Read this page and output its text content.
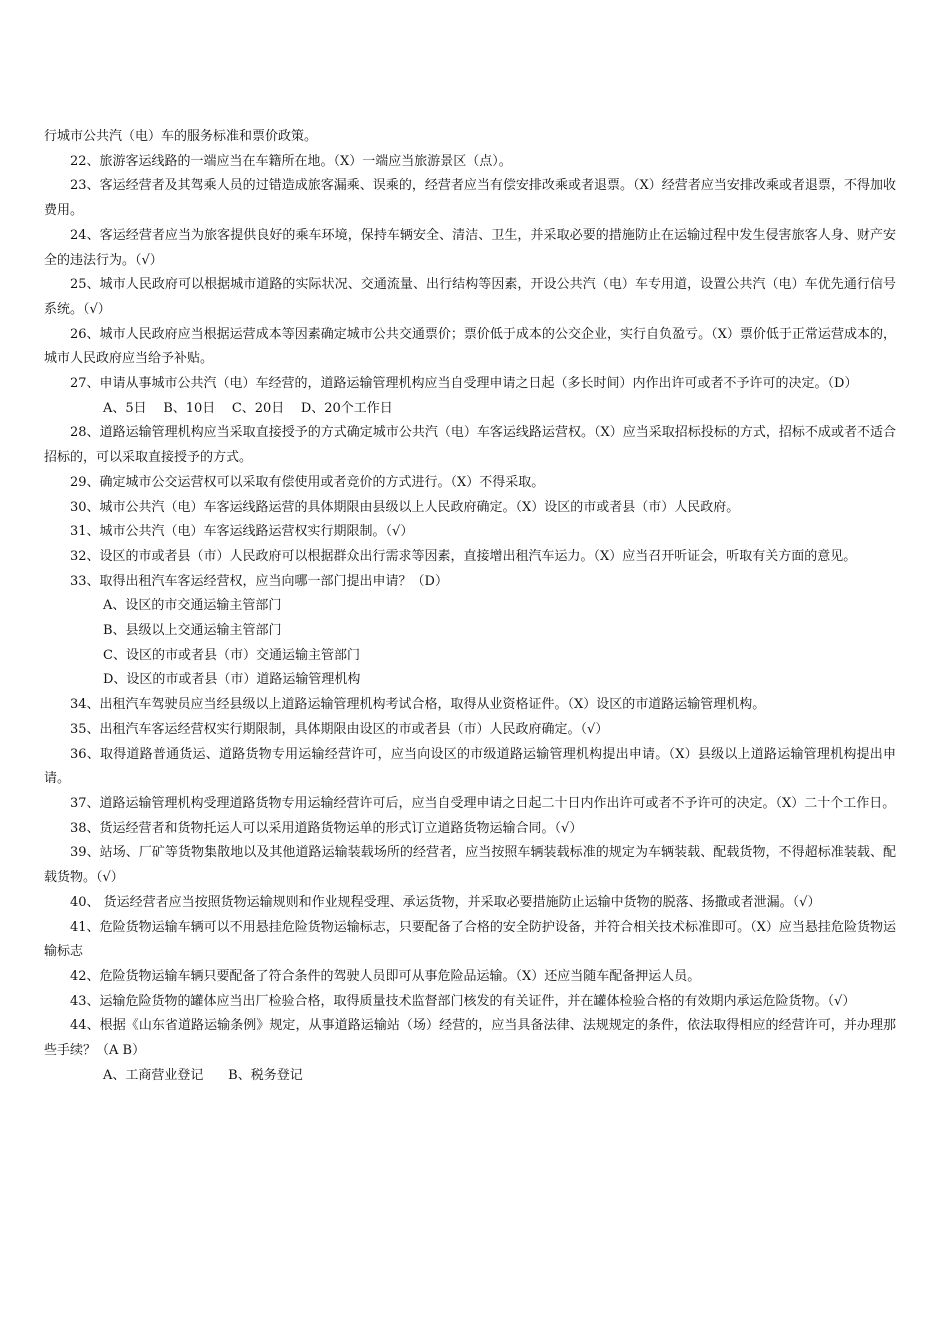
行城市公共汽（电）车的服务标准和票价政策。
22、旅游客运线路的一端应当在车籍所在地。（X）一端应当旅游景区（点）。
23、客运经营者及其驾乘人员的过错造成旅客漏乘、误乘的，经营者应当有偿安排改乘或者退票。（X）经营者应当安排改乘或者退票，不得加收费用。
24、客运经营者应当为旅客提供良好的乘车环境，保持车辆安全、清洁、卫生，并采取必要的措施防止在运输过程中发生侵害旅客人身、财产安全的违法行为。（√）
25、城市人民政府可以根据城市道路的实际状况、交通流量、出行结构等因素，开设公共汽（电）车专用道，设置公共汽（电）车优先通行信号系统。（√）
26、城市人民政府应当根据运营成本等因素确定城市公共交通票价；票价低于成本的公交企业，实行自负盈亏。（X）票价低于正常运营成本的，城市人民政府应当给予补贴。
27、申请从事城市公共汽（电）车经营的，道路运输管理机构应当自受理申请之日起（多长时间）内作出许可或者不予许可的决定。（D）
A、5日    B、10日    C、20日    D、20个工作日
28、道路运输管理机构应当采取直接授予的方式确定城市公共汽（电）车客运线路运营权。（X）应当采取招标投标的方式，招标不成或者不适合招标的，可以采取直接授予的方式。
29、确定城市公交运营权可以采取有偿使用或者竞价的方式进行。（X）不得采取。
30、城市公共汽（电）车客运线路运营的具体期限由县级以上人民政府确定。（X）设区的市或者县（市）人民政府。
31、城市公共汽（电）车客运线路运营权实行期限制。（√）
32、设区的市或者县（市）人民政府可以根据群众出行需求等因素，直接增出租汽车运力。（X）应当召开听证会，听取有关方面的意见。
33、取得出租汽车客运经营权，应当向哪一部门提出申请？（D）
A、设区的市交通运输主管部门
B、县级以上交通运输主管部门
C、设区的市或者县（市）交通运输主管部门
D、设区的市或者县（市）道路运输管理机构
34、出租汽车驾驶员应当经县级以上道路运输管理机构考试合格，取得从业资格证件。（X）设区的市道路运输管理机构。
35、出租汽车客运经营权实行期限制，具体期限由设区的市或者县（市）人民政府确定。（√）
36、取得道路普通货运、道路货物专用运输经营许可，应当向设区的市级道路运输管理机构提出申请。（X）县级以上道路运输管理机构提出申请。
37、道路运输管理机构受理道路货物专用运输经营许可后，应当自受理申请之日起二十日内作出许可或者不予许可的决定。（X）二十个工作日。
38、货运经营者和货物托运人可以采用道路货物运单的形式订立道路货物运输合同。（√）
39、站场、厂矿等货物集散地以及其他道路运输装载场所的经营者，应当按照车辆装载标准的规定为车辆装载、配载货物，不得超标准装载、配载货物。（√）
40、 货运经营者应当按照货物运输规则和作业规程受理、承运货物，并采取必要措施防止运输中货物的脱落、扬撒或者泄漏。（√）
41、危险货物运输车辆可以不用悬挂危险货物运输标志，只要配备了合格的安全防护设备，并符合相关技术标准即可。（X）应当悬挂危险货物运输标志
42、危险货物运输车辆只要配备了符合条件的驾驶人员即可从事危险品运输。（X）还应当随车配备押运人员。
43、运输危险货物的罐体应当出厂检验合格，取得质量技术监督部门核发的有关证件，并在罐体检验合格的有效期内承运危险货物。（√）
44、根据《山东省道路运输条例》规定，从事道路运输站（场）经营的，应当具备法律、法规规定的条件，依法取得相应的经营许可，并办理那些手续？（A B）
A、工商营业登记      B、税务登记
